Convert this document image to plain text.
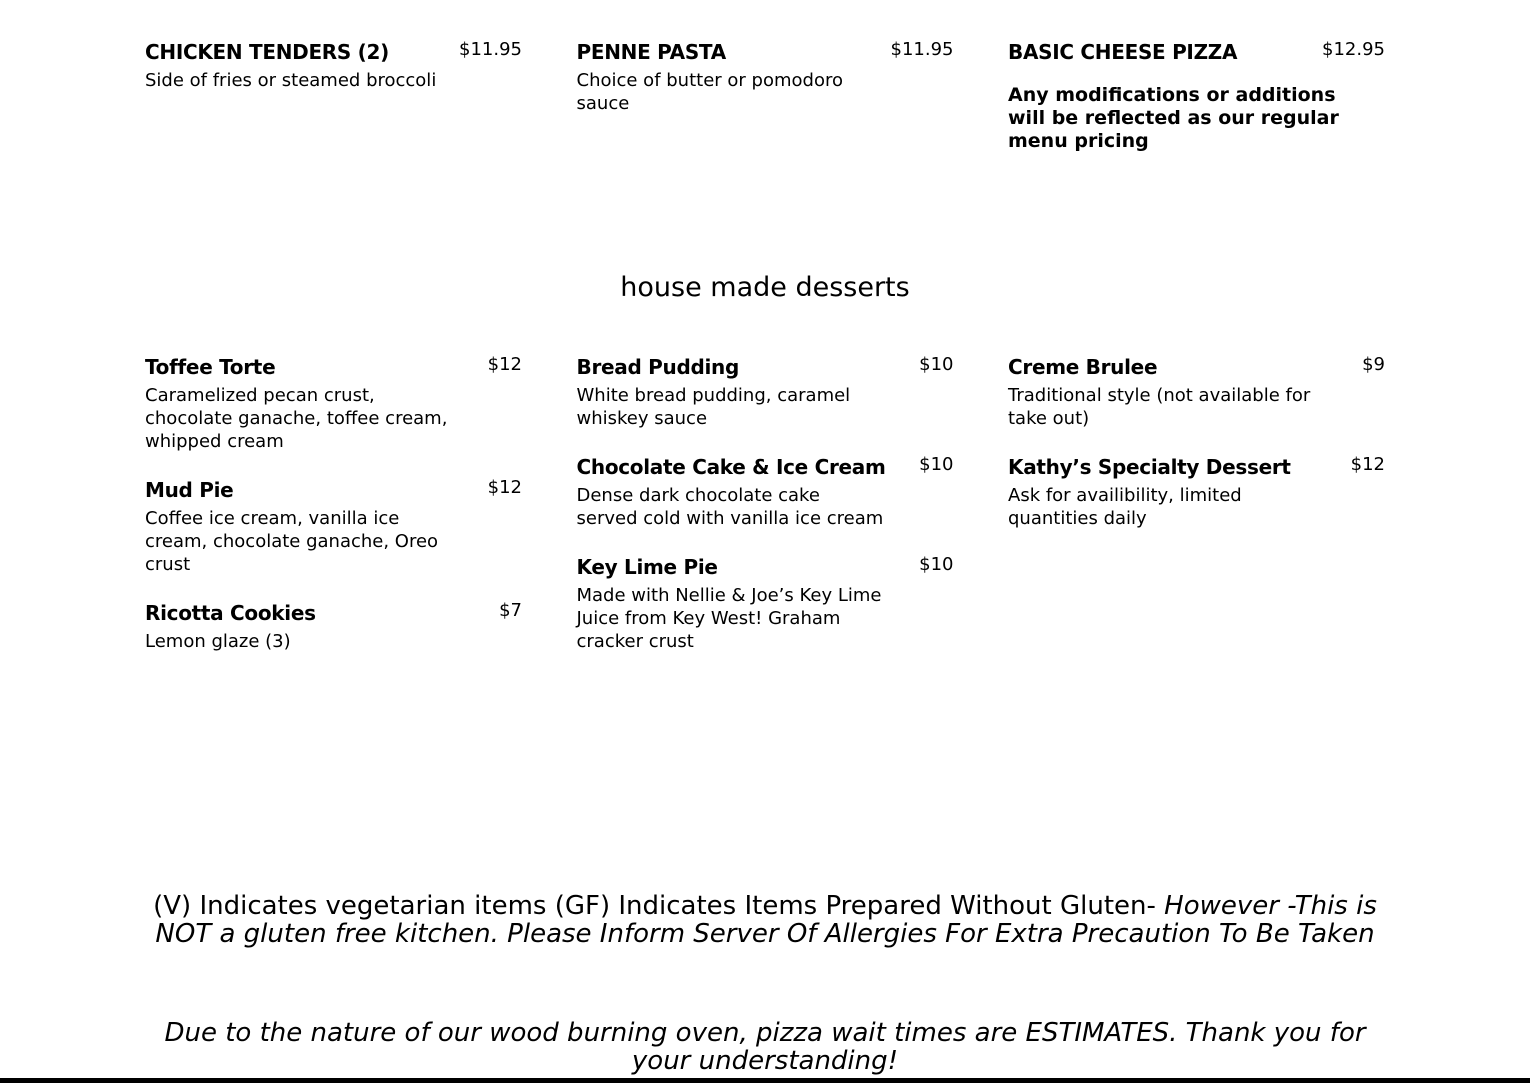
CHICKEN TENDERS (2)	$11.95
Side of fries or steamed broccoli
PENNE PASTA	$11.95
Choice of butter or pomodoro sauce
BASIC CHEESE PIZZA	$12.95
Any modifications or additions will be reflected as our regular menu pricing
house made desserts
Toffee Torte	$12
Caramelized pecan crust, chocolate ganache, toffee cream, whipped cream
Mud Pie	$12
Coffee ice cream, vanilla ice cream, chocolate ganache, Oreo crust
Ricotta Cookies	$7
Lemon glaze (3)
Bread Pudding	$10
White bread pudding, caramel whiskey sauce
Chocolate Cake & Ice Cream $10
Dense dark chocolate cake served cold with vanilla ice cream
Key Lime Pie	$10
Made with Nellie & Joe’s Key Lime Juice from Key West! Graham cracker crust
Creme Brulee	$9
Traditional style (not available for take out)
Kathy’s Specialty Dessert	$12
Ask for availibility, limited quantities daily
(V) Indicates vegetarian items (GF) Indicates Items Prepared Without Gluten- However -This is NOT a gluten free kitchen. Please Inform Server Of Allergies For Extra Precaution To Be Taken
Due to the nature of our wood burning oven, pizza wait times are ESTIMATES. Thank you for your understanding!
